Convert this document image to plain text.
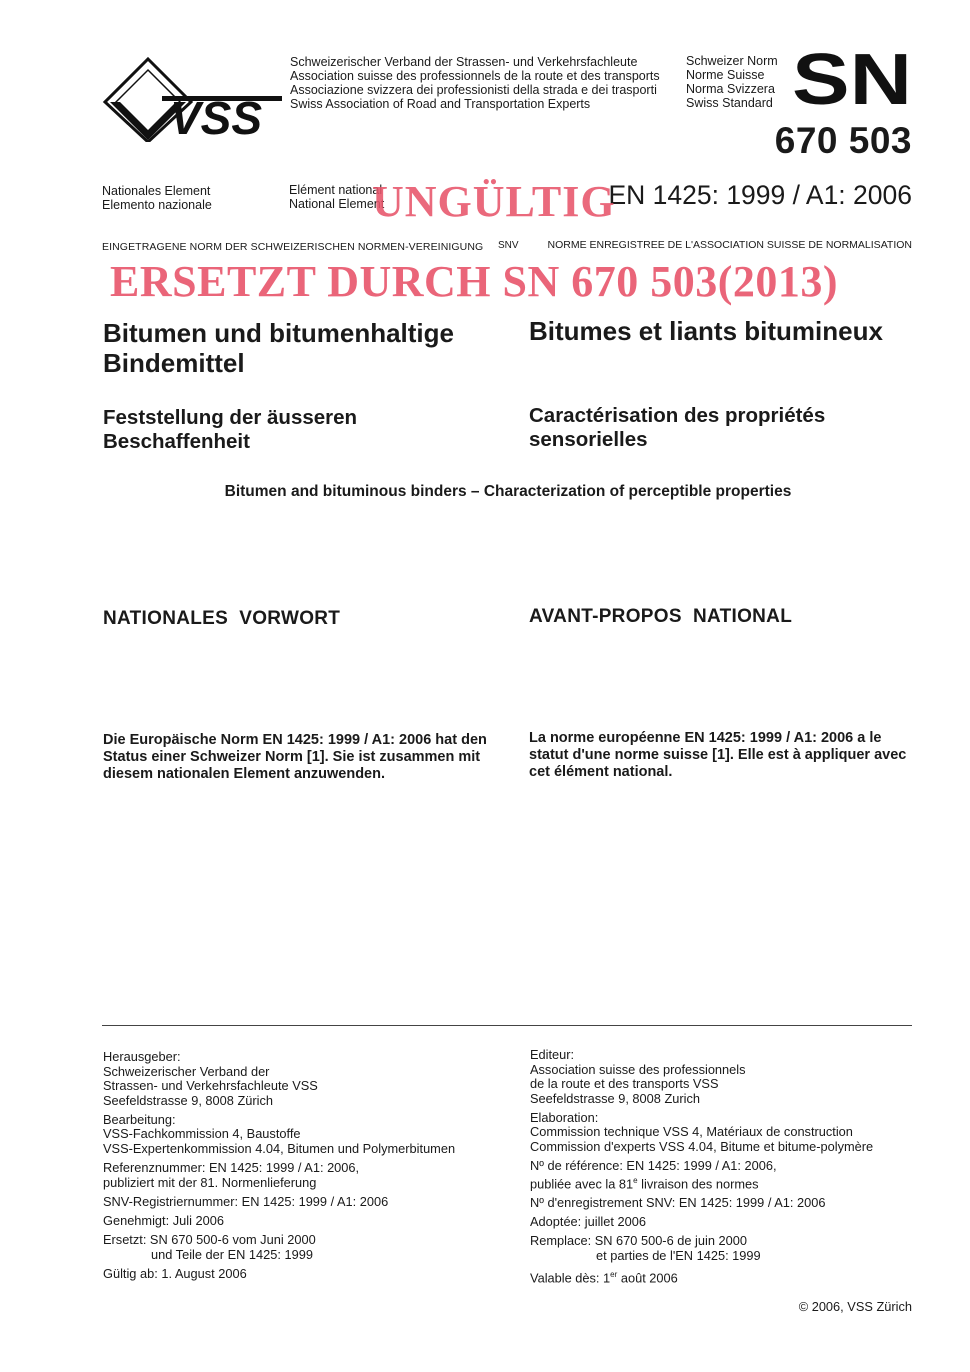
VSS
Schweizerischer Verband der Strassen- und Verkehrsfachleute
Association suisse des professionnels de la route et des transports
Associazione svizzera dei professionisti della strada e dei trasporti
Swiss Association of Road and Transportation Experts
Schweizer Norm
Norme Suisse
Norma Svizzera
Swiss Standard SN
670 503
Nationales Element
Elemento nazionale
Elément national
National Element	EN 1425: 1999 / A1: 2006
UNGÜLTIG
EINGETRAGENE NORM DER SCHWEIZERISCHEN NORMEN-VEREINIGUNG SNV	NORME ENREGISTREE DE L'ASSOCIATION SUISSE DE NORMALISATION
ERSETZT DURCH SN 670 503(2013)
Bitumen und bitumenhaltige Bindemittel
Bitumes et liants bitumineux
Feststellung der äusseren Beschaffenheit
Caractérisation des propriétés sensorielles
Bitumen and bituminous binders – Characterization of perceptible properties
NATIONALES  VORWORT	AVANT-PROPOS  NATIONAL
Die Europäische Norm EN 1425: 1999 / A1: 2006 hat den Status einer Schweizer Norm [1]. Sie ist zusammen mit diesem nationalen Element anzuwenden.
La norme européenne EN 1425: 1999 / A1: 2006 a le statut d'une norme suisse [1]. Elle est à appliquer avec cet élément national.
Herausgeber:
Schweizerischer Verband der
Strassen- und Verkehrsfachleute VSS
Seefeldstrasse 9, 8008 Zürich
Bearbeitung:
VSS-Fachkommission 4, Baustoffe
VSS-Expertenkommission 4.04, Bitumen und Polymerbitumen
Referenznummer: EN 1425: 1999 / A1: 2006,
publiziert mit der 81. Normenlieferung
SNV-Registriernummer: EN 1425: 1999 / A1: 2006
Genehmigt: Juli 2006
Ersetzt: SN 670 500-6 vom Juni 2000
und Teile der EN 1425: 1999
Gültig ab: 1. August 2006
Editeur:
Association suisse des professionnels
de la route et des transports VSS
Seefeldstrasse 9, 8008 Zurich
Elaboration:
Commission technique VSS 4, Matériaux de construction
Commission d'experts VSS 4.04, Bitume et bitume-polymère
Nº de référence: EN 1425: 1999 / A1: 2006,
publiée avec la 81e livraison des normes
Nº d'enregistrement SNV: EN 1425: 1999 / A1: 2006
Adoptée: juillet 2006
Remplace: SN 670 500-6 de juin 2000
et parties de l'EN 1425: 1999
Valable dès: 1er août 2006
© 2006, VSS Zürich
